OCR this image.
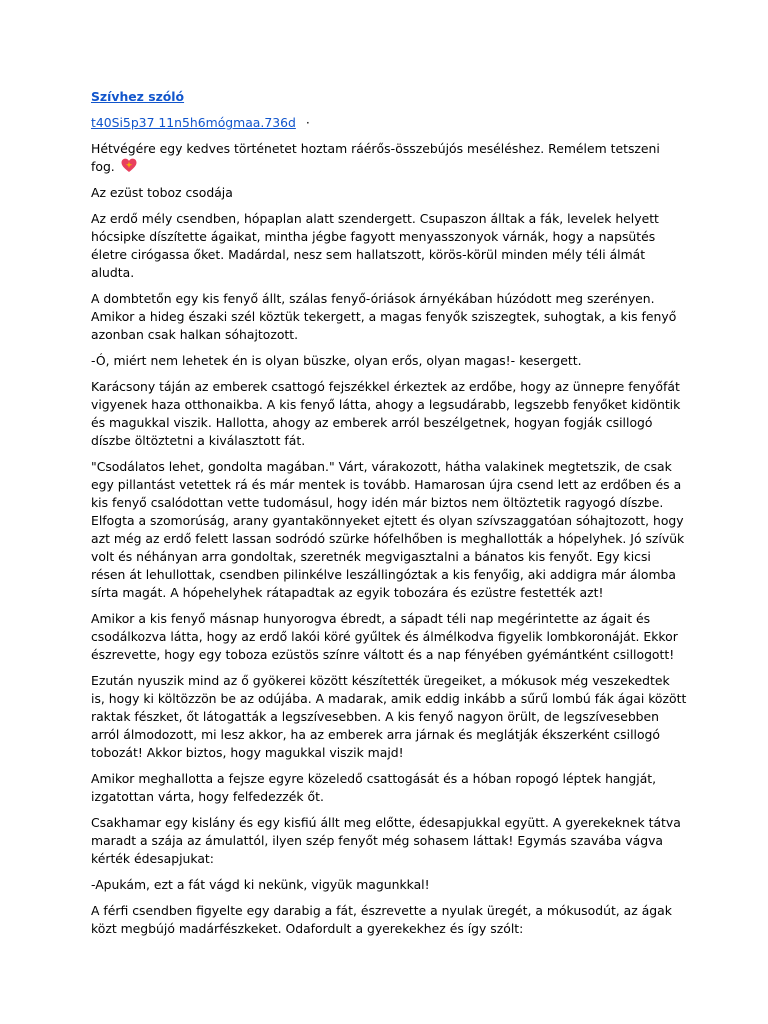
Szívhez szóló
t40Si5p37 11n5h6mógmaa.736d ·

Hétvégére egy kedves történetet hoztam ráérős-összebújós meséléshez. Remélem tetszeni fog.

Az ezüst toboz csodája

Az erdő mély csendben, hópaplan alatt szendergett. Csupaszon álltak a fák, levelek helyett hócsipke díszítette ágaikat, mintha jégbe fagyott menyasszonyok várnák, hogy a napsütés életre cirógassa őket. Madárdal, nesz sem hallatszott, körös-körül minden mély téli álmát aludta.

A dombtetőn egy kis fenyő állt, szálas fenyő-óriások árnyékában húzódott meg szerényen. Amikor a hideg északi szél köztük tekergett, a magas fenyők sziszegtek, suhogtak, a kis fenyő azonban csak halkan sóhajtozott.

-Ó, miért nem lehetek én is olyan büszke, olyan erős, olyan magas!- kesergett.

Karácsony táján az emberek csattogó fejszékkel érkeztek az erdőbe, hogy az ünnepre fenyőfát vigyenek haza otthonaikba. A kis fenyő látta, ahogy a legsudárabb, legszebb fenyőket kidöntik és magukkal viszik. Hallotta, ahogy az emberek arról beszélgetnek, hogyan fogják csillogó díszbe öltöztetni a kiválasztott fát.

"Csodálatos lehet, gondolta magában." Várt, várakozott, hátha valakinek megtetszik, de csak egy pillantást vetettek rá és már mentek is tovább. Hamarosan újra csend lett az erdőben és a kis fenyő csalódottan vette tudomásul, hogy idén már biztos nem öltöztetik ragyogó díszbe. Elfogta a szomorúság, arany gyantakönnyeket ejtett és olyan szívszaggatóan sóhajtozott, hogy azt még az erdő felett lassan sodródó szürke hófelhőben is meghallották a hópelyhek. Jó szívük volt és néhányan arra gondoltak, szeretnék megvigasztalni a bánatos kis fenyőt. Egy kicsi résen át lehullottak, csendben pilinkélve leszállingóztak a kis fenyőig, aki addigra már álomba sírta magát. A hópehelyhek rátapadtak az egyik tobozára és ezüstre festették azt!

Amikor a kis fenyő másnap hunyorogva ébredt, a sápadt téli nap megérintette az ágait és csodálkozva látta, hogy az erdő lakói köré gyűltek és álmélkodva figyelik lombkoronáját. Ekkor észrevette, hogy egy toboza ezüstös színre váltott és a nap fényében gyémántként csillogott!

Ezután nyuszik mind az ő gyökerei között készítették üregeiket, a mókusok még veszekedtek is, hogy ki költözzön be az odújába. A madarak, amik eddig inkább a sűrű lombú fák ágai között raktak fészket, őt látogatták a legszívesebben. A kis fenyő nagyon örült, de legszívesebben arról álmodozott, mi lesz akkor, ha az emberek arra járnak és meglátják ékszerként csillogó tobozát! Akkor biztos, hogy magukkal viszik majd!

Amikor meghallotta a fejsze egyre közeledő csattogását és a hóban ropogó léptek hangját, izgatottan várta, hogy felfedezzék őt.

Csakhamar egy kislány és egy kisfiú állt meg előtte, édesapjukkal együtt. A gyerekeknek tátva maradt a szája az ámulattól, ilyen szép fenyőt még sohasem láttak! Egymás szavába vágva kérték édesapjukat:

-Apukám, ezt a fát vágd ki nekünk, vigyük magunkkal!

A férfi csendben figyelte egy darabig a fát, észrevette a nyulak üregét, a mókusodút, az ágak közt megbújó madárfészkeket. Odafordult a gyerekekhez és így szólt:
